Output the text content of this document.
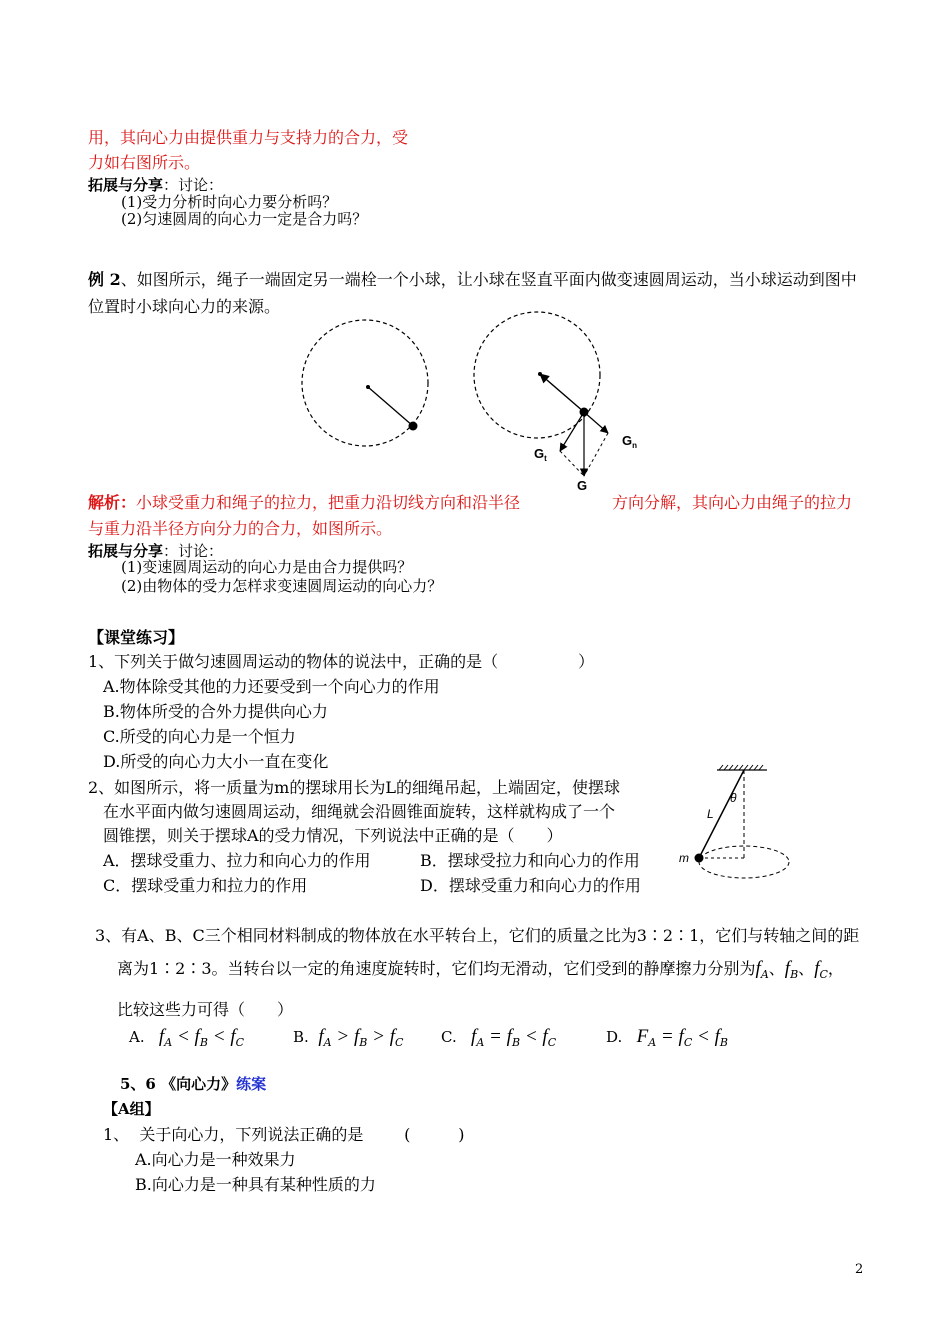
用，其向心力由提供重力与支持力的合力，受
力如右图所示。
拓展与分享：讨论：
(1)受力分析时向心力要分析吗？
(2)匀速圆周的向心力一定是合力吗？
例 2、如图所示，绳子一端固定另一端栓一个小球，让小球在竖直平面内做变速圆周运动，当小球运动到图中
位置时小球向心力的来源。
$G_t$
$G_n$
G
解析：小球受重力和绳子的拉力，把重力沿切线方向和沿半径	方向分解，其向心力由绳子的拉力
与重力沿半径方向分力的合力，如图所示。
拓展与分享：讨论：
(1)变速圆周运动的向心力是由合力提供吗？
(2)由物体的受力怎样求变速圆周运动的向心力？
【课堂练习】
1、下列关于做匀速圆周运动的物体的说法中，正确的是（　　　　　）
A.物体除受其他的力还要受到一个向心力的作用
B.物体所受的合外力提供向心力
C.所受的向心力是一个恒力
D.所受的向心力大小一直在变化
2、如图所示，将一质量为m的摆球用长为L的细绳吊起，上端固定，使摆球
在水平面内做匀速圆周运动，细绳就会沿圆锥面旋转，这样就构成了一个
圆锥摆，则关于摆球A的受力情况，下列说法中正确的是（　　）
A．摆球受重力、拉力和向心力的作用	B．摆球受拉力和向心力的作用
C．摆球受重力和拉力的作用	D．摆球受重力和向心力的作用
θ
L
m
3、有A、B、C三个相同材料制成的物体放在水平转台上，它们的质量之比为3∶2∶1，它们与转轴之间的距
离为1∶2∶3。当转台以一定的角速度旋转时，它们均无滑动，它们受到的静摩擦力分别为$f_A$、$f_B$、$f_C$，
比较这些力可得（　　）
A. $f_A < f_B < f_C$	B. $f_A > f_B > f_C$	C. $f_A = f_B < f_C$	D. $F_A = f_C < f_B$
5、6 《向心力》练案
【A组】
1、 关于向心力，下列说法正确的是	(　　　)
A.向心力是一种效果力
B.向心力是一种具有某种性质的力
2
